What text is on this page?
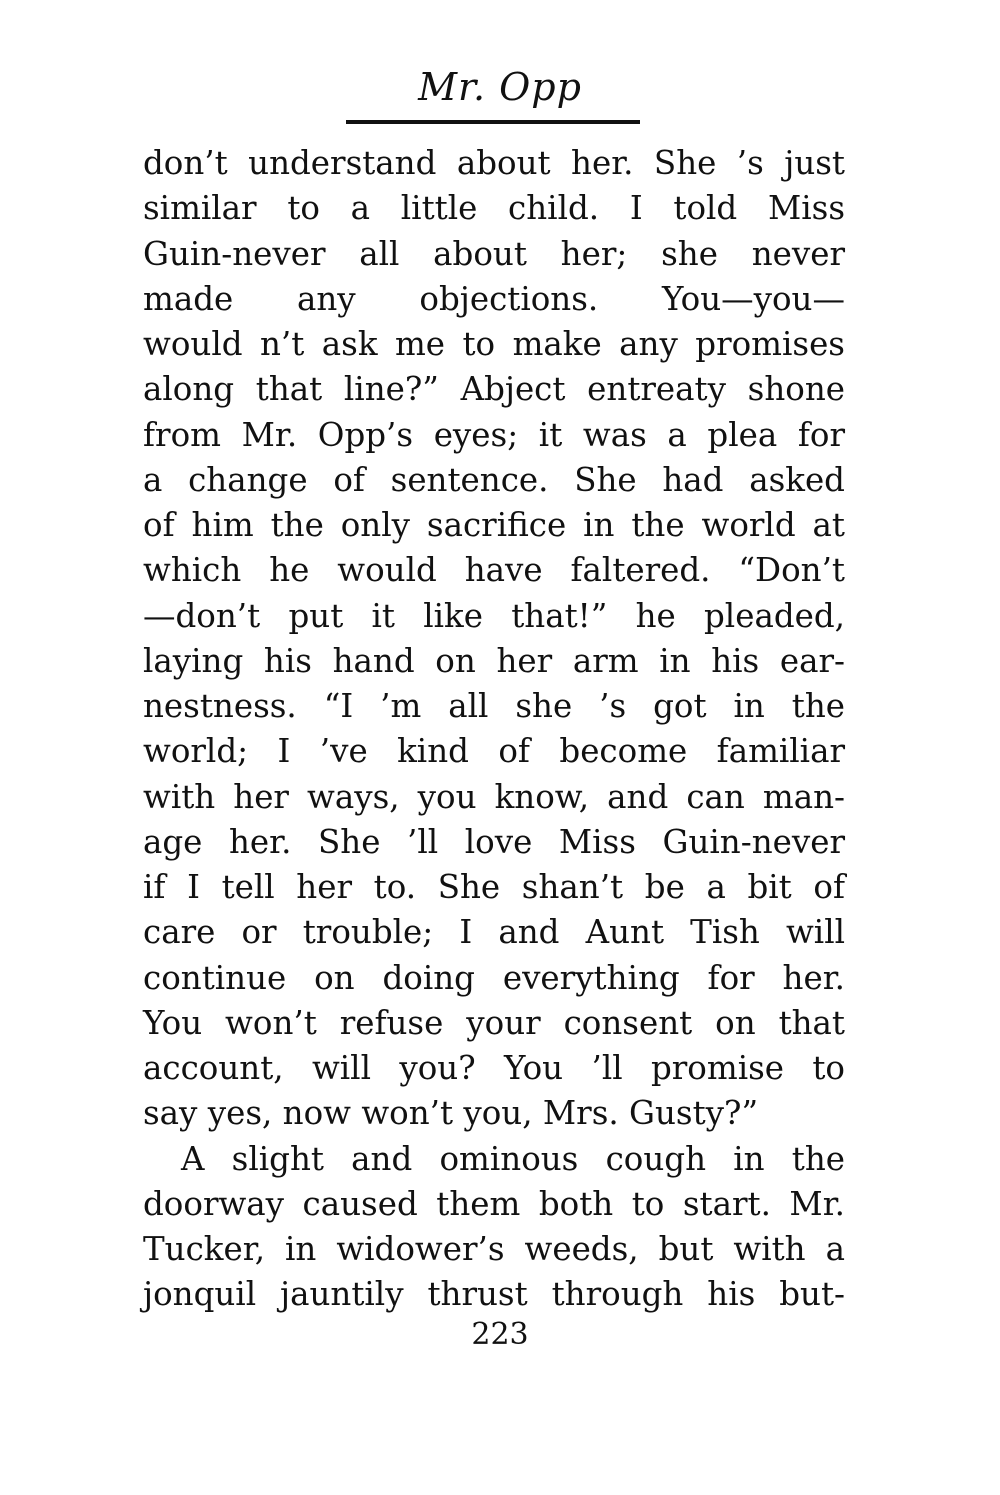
Mr. Opp
don’t understand about her. She ’s just
similar to a little child. I told Miss
Guin-never all about her; she never
made any objections. You—you—
would n’t ask me to make any promises
along that line?” Abject entreaty shone
from Mr. Opp’s eyes; it was a plea for
a change of sentence. She had asked
of him the only sacrifice in the world at
which he would have faltered. “Don’t
—don’t put it like that!” he pleaded,
laying his hand on her arm in his ear-
nestness. “I ’m all she ’s got in the
world; I ’ve kind of become familiar
with her ways, you know, and can man-
age her. She ’ll love Miss Guin-never
if I tell her to. She shan’t be a bit of
care or trouble; I and Aunt Tish will
continue on doing everything for her.
You won’t refuse your consent on that
account, will you? You ’ll promise to
say yes, now won’t you, Mrs. Gusty?”
A slight and ominous cough in the
doorway caused them both to start. Mr.
Tucker, in widower’s weeds, but with a
jonquil jauntily thrust through his but-
223
